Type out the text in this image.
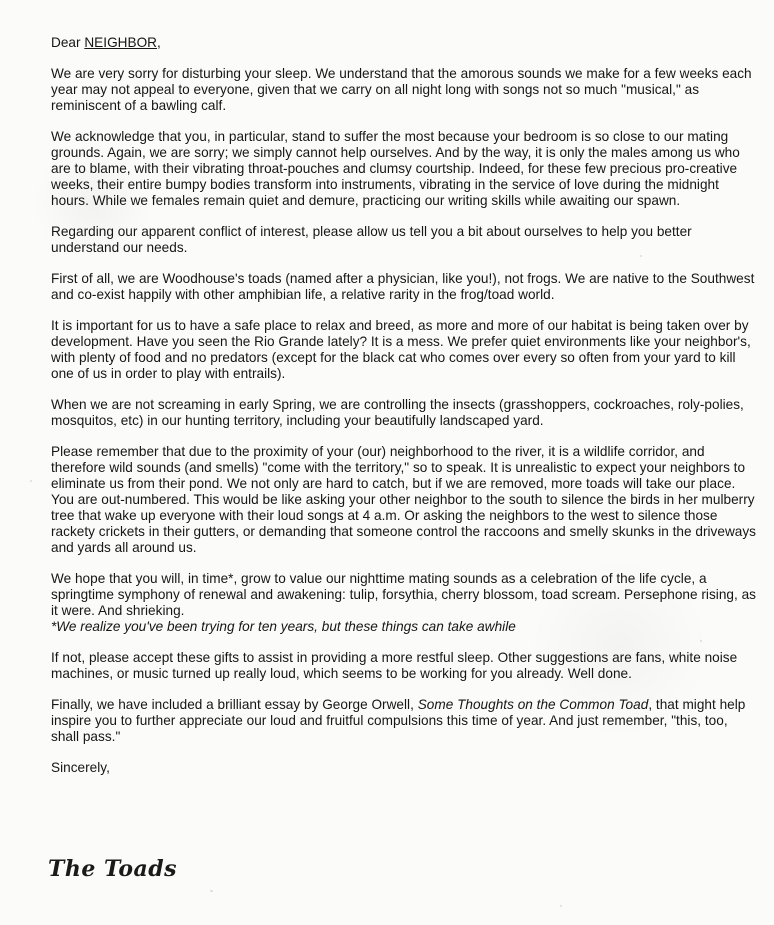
Dear NEIGHBOR,

We are very sorry for disturbing your sleep. We understand that the amorous sounds we make for a few weeks each year may not appeal to everyone, given that we carry on all night long with songs not so much "musical," as reminiscent of a bawling calf.

We acknowledge that you, in particular, stand to suffer the most because your bedroom is so close to our mating grounds. Again, we are sorry; we simply cannot help ourselves. And by the way, it is only the males among us who are to blame, with their vibrating throat-pouches and clumsy courtship. Indeed, for these few precious pro-creative weeks, their entire bumpy bodies transform into instruments, vibrating in the service of love during the midnight hours. While we females remain quiet and demure, practicing our writing skills while awaiting our spawn.

Regarding our apparent conflict of interest, please allow us tell you a bit about ourselves to help you better understand our needs.

First of all, we are Woodhouse's toads (named after a physician, like you!), not frogs. We are native to the Southwest and co-exist happily with other amphibian life, a relative rarity in the frog/toad world.

It is important for us to have a safe place to relax and breed, as more and more of our habitat is being taken over by development. Have you seen the Rio Grande lately? It is a mess. We prefer quiet environments like your neighbor's, with plenty of food and no predators (except for the black cat who comes over every so often from your yard to kill one of us in order to play with entrails).

When we are not screaming in early Spring, we are controlling the insects (grasshoppers, cockroaches, roly-polies, mosquitos, etc) in our hunting territory, including your beautifully landscaped yard.

Please remember that due to the proximity of your (our) neighborhood to the river, it is a wildlife corridor, and therefore wild sounds (and smells) "come with the territory," so to speak. It is unrealistic to expect your neighbors to eliminate us from their pond. We not only are hard to catch, but if we are removed, more toads will take our place. You are out-numbered. This would be like asking your other neighbor to the south to silence the birds in her mulberry tree that wake up everyone with their loud songs at 4 a.m. Or asking the neighbors to the west to silence those rackety crickets in their gutters, or demanding that someone control the raccoons and smelly skunks in the driveways and yards all around us.

We hope that you will, in time*, grow to value our nighttime mating sounds as a celebration of the life cycle, a springtime symphony of renewal and awakening: tulip, forsythia, cherry blossom, toad scream. Persephone rising, as it were. And shrieking.
*We realize you've been trying for ten years, but these things can take awhile

If not, please accept these gifts to assist in providing a more restful sleep. Other suggestions are fans, white noise machines, or music turned up really loud, which seems to be working for you already. Well done.

Finally, we have included a brilliant essay by George Orwell, Some Thoughts on the Common Toad, that might help inspire you to further appreciate our loud and fruitful compulsions this time of year. And just remember, "this, too, shall pass."

Sincerely,

The Toads
